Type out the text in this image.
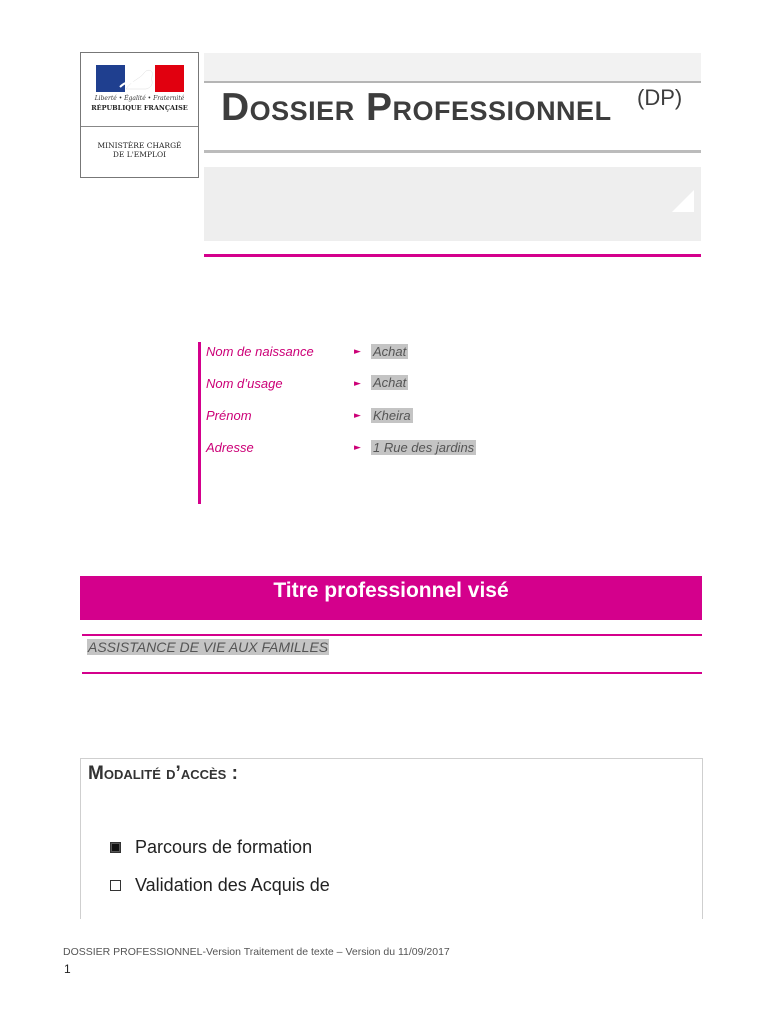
Liberté • Égalité • Fraternité
RÉPUBLIQUE FRANÇAISE
MINISTÈRE CHARGÉ
DE L'EMPLOI
Dossier Professionnel (DP)
Nom de naissance	► Achat
Nom d’usage	► Achat
Prénom	► Kheira
Adresse	► 1 Rue des jardins
Titre professionnel visé
ASSISTANCE DE VIE AUX FAMILLES
Modalité d’accès :
Parcours de formation
Validation des Acquis de
DOSSIER PROFESSIONNEL-Version Traitement de texte – Version du 11/09/2017
1
